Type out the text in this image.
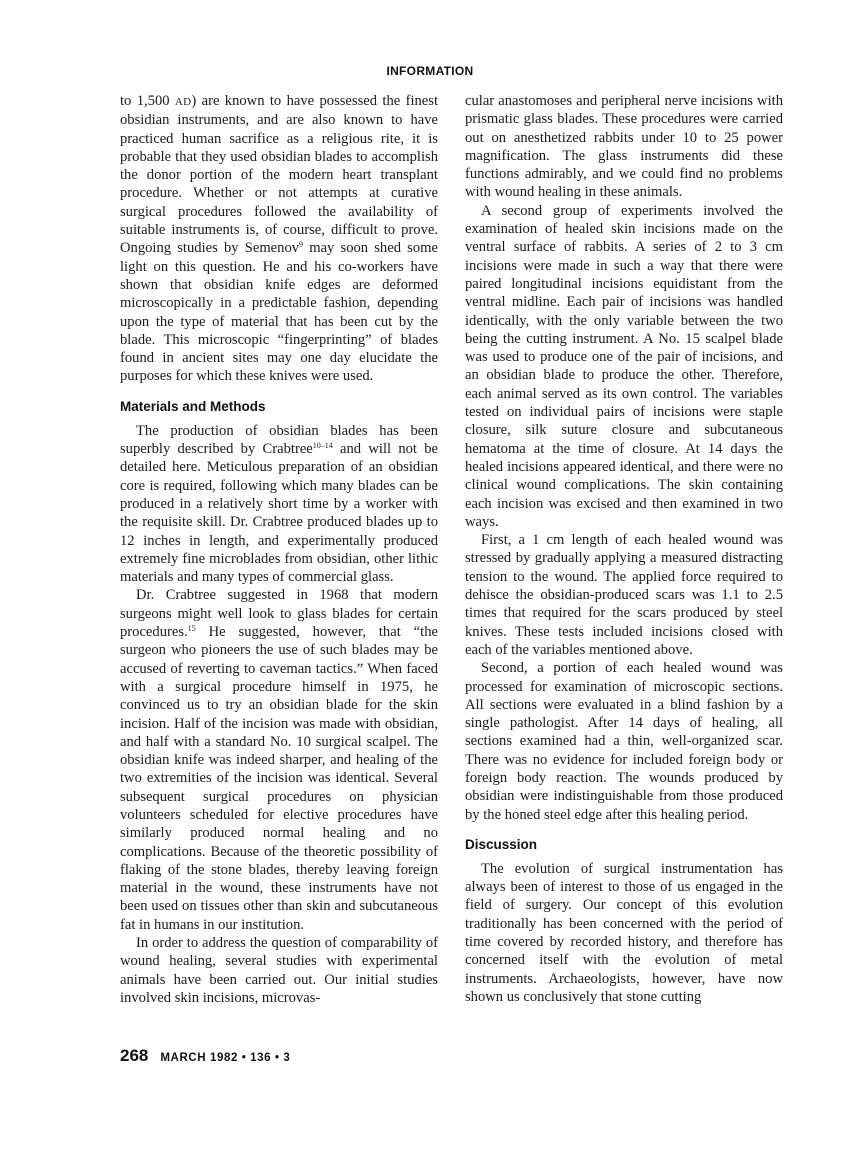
INFORMATION

to 1,500 AD) are known to have possessed the finest obsidian instruments, and are also known to have practiced human sacrifice as a religious rite, it is probable that they used obsidian blades to accomplish the donor portion of the modern heart transplant procedure. Whether or not attempts at curative surgical procedures followed the availability of suitable instruments is, of course, difficult to prove. Ongoing studies by Semenov$^9$ may soon shed some light on this question. He and his co-workers have shown that obsidian knife edges are deformed microscopically in a predictable fashion, depending upon the type of material that has been cut by the blade. This microscopic “fingerprinting” of blades found in ancient sites may one day elucidate the purposes for which these knives were used.

Materials and Methods

The production of obsidian blades has been superbly described by Crabtree$^{10-14}$ and will not be detailed here. Meticulous preparation of an obsidian core is required, following which many blades can be produced in a relatively short time by a worker with the requisite skill. Dr. Crabtree produced blades up to 12 inches in length, and experimentally produced extremely fine microblades from obsidian, other lithic materials and many types of commercial glass.

Dr. Crabtree suggested in 1968 that modern surgeons might well look to glass blades for certain procedures.$^{15}$ He suggested, however, that “the surgeon who pioneers the use of such blades may be accused of reverting to caveman tactics.” When faced with a surgical procedure himself in 1975, he convinced us to try an obsidian blade for the skin incision. Half of the incision was made with obsidian, and half with a standard No. 10 surgical scalpel. The obsidian knife was indeed sharper, and healing of the two extremities of the incision was identical. Several subsequent surgical procedures on physician volunteers scheduled for elective procedures have similarly produced normal healing and no complications. Because of the theoretic possibility of flaking of the stone blades, thereby leaving foreign material in the wound, these instruments have not been used on tissues other than skin and subcutaneous fat in humans in our institution.

In order to address the question of comparability of wound healing, several studies with experimental animals have been carried out. Our initial studies involved skin incisions, microvas-

cular anastomoses and peripheral nerve incisions with prismatic glass blades. These procedures were carried out on anesthetized rabbits under 10 to 25 power magnification. The glass instruments did these functions admirably, and we could find no problems with wound healing in these animals.

A second group of experiments involved the examination of healed skin incisions made on the ventral surface of rabbits. A series of 2 to 3 cm incisions were made in such a way that there were paired longitudinal incisions equidistant from the ventral midline. Each pair of incisions was handled identically, with the only variable between the two being the cutting instrument. A No. 15 scalpel blade was used to produce one of the pair of incisions, and an obsidian blade to produce the other. Therefore, each animal served as its own control. The variables tested on individual pairs of incisions were staple closure, silk suture closure and subcutaneous hematoma at the time of closure. At 14 days the healed incisions appeared identical, and there were no clinical wound complications. The skin containing each incision was excised and then examined in two ways.

First, a 1 cm length of each healed wound was stressed by gradually applying a measured distracting tension to the wound. The applied force required to dehisce the obsidian-produced scars was 1.1 to 2.5 times that required for the scars produced by steel knives. These tests included incisions closed with each of the variables mentioned above.

Second, a portion of each healed wound was processed for examination of microscopic sections. All sections were evaluated in a blind fashion by a single pathologist. After 14 days of healing, all sections examined had a thin, well-organized scar. There was no evidence for included foreign body or foreign body reaction. The wounds produced by obsidian were indistinguishable from those produced by the honed steel edge after this healing period.

Discussion

The evolution of surgical instrumentation has always been of interest to those of us engaged in the field of surgery. Our concept of this evolution traditionally has been concerned with the period of time covered by recorded history, and therefore has concerned itself with the evolution of metal instruments. Archaeologists, however, have now shown us conclusively that stone cutting

268 MARCH 1982 • 136 • 3
